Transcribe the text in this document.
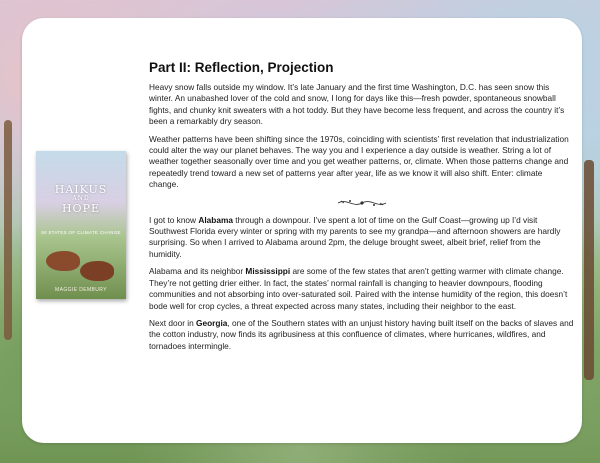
HAIKUS
AND
HOPE
50 STATES OF CLIMATE CHANGE
MAGGIE DEMBURY
Part II: Reflection, Projection

Heavy snow falls outside my window. It’s late January and the first time Washington, D.C. has seen snow this winter. An unabashed lover of the cold and snow, I long for days like this—fresh powder, spontaneous snowball fights, and chunky knit sweaters with a hot toddy. But they have become less frequent, and across the country it’s been a remarkably dry season.

Weather patterns have been shifting since the 1970s, coinciding with scientists’ first revelation that industrialization could alter the way our planet behaves. The way you and I experience a day outside is weather. String a lot of weather together seasonally over time and you get weather patterns, or, climate. When those patterns change and repeatedly trend toward a new set of patterns year after year, life as we know it will also shift. Enter: climate change.

I got to know Alabama through a downpour. I’ve spent a lot of time on the Gulf Coast—growing up I’d visit Southwest Florida every winter or spring with my parents to see my grandpa—and afternoon showers are hardly surprising. So when I arrived to Alabama around 2pm, the deluge brought sweet, albeit brief, relief from the humidity.

Alabama and its neighbor Mississippi are some of the few states that aren’t getting warmer with climate change. They’re not getting drier either. In fact, the states’ normal rainfall is changing to heavier downpours, flooding communities and not absorbing into over-saturated soil. Paired with the intense humidity of the region, this doesn’t bode well for crop cycles, a threat expected across many states, including their neighbor to the east.

Next door in Georgia, one of the Southern states with an unjust history having built itself on the backs of slaves and the cotton industry, now finds its agribusiness at this confluence of climates, where hurricanes, wildfires, and tornadoes intermingle.
